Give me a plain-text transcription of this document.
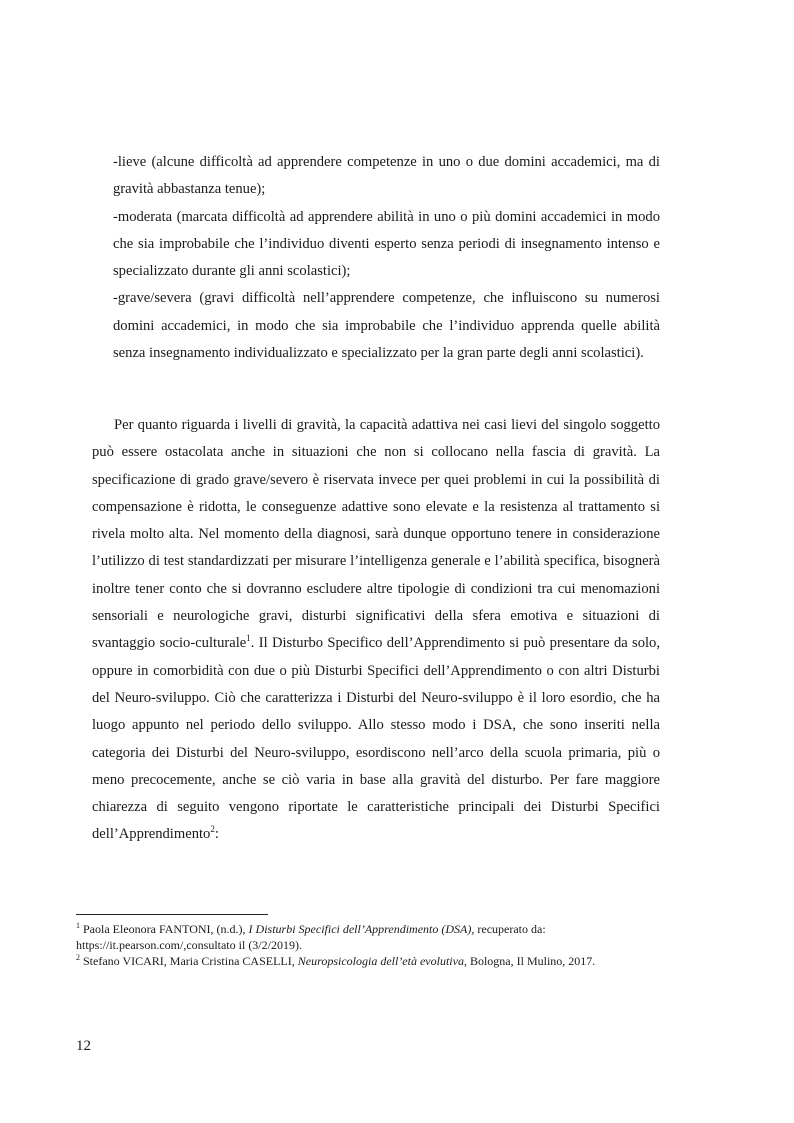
-lieve (alcune difficoltà ad apprendere competenze in uno o due domini accademici, ma di gravità abbastanza tenue);

-moderata (marcata difficoltà ad apprendere abilità in uno o più domini accademici in modo che sia improbabile che l’individuo diventi esperto senza periodi di insegnamento intenso e specializzato durante gli anni scolastici);

-grave/severa (gravi difficoltà nell’apprendere competenze, che influiscono su numerosi domini accademici, in modo che sia improbabile che l’individuo apprenda quelle abilità senza insegnamento individualizzato e specializzato per la gran parte degli anni scolastici).

Per quanto riguarda i livelli di gravità, la capacità adattiva nei casi lievi del singolo soggetto può essere ostacolata anche in situazioni che non si collocano nella fascia di gravità. La specificazione di grado grave/severo è riservata invece per quei problemi in cui la possibilità di compensazione è ridotta, le conseguenze adattive sono elevate e la resistenza al trattamento si rivela molto alta. Nel momento della diagnosi, sarà dunque opportuno tenere in considerazione l’utilizzo di test standardizzati per misurare l’intelligenza generale e l’abilità specifica, bisognerà inoltre tener conto che si dovranno escludere altre tipologie di condizioni tra cui menomazioni sensoriali e neurologiche gravi, disturbi significativi della sfera emotiva e situazioni di svantaggio socio-culturale$^1$. Il Disturbo Specifico dell’Apprendimento si può presentare da solo, oppure in comorbidità con due o più Disturbi Specifici dell’Apprendimento o con altri Disturbi del Neuro-sviluppo. Ciò che caratterizza i Disturbi del Neuro-sviluppo è il loro esordio, che ha luogo appunto nel periodo dello sviluppo. Allo stesso modo i DSA, che sono inseriti nella categoria dei Disturbi del Neuro-sviluppo, esordiscono nell’arco della scuola primaria, più o meno precocemente, anche se ciò varia in base alla gravità del disturbo. Per fare maggiore chiarezza di seguito vengono riportate le caratteristiche principali dei Disturbi Specifici dell’Apprendimento$^2$:

$^1$ Paola Eleonora FANTONI, (n.d.), I Disturbi Specifici dell’Apprendimento (DSA), recuperato da: https://it.pearson.com/,consultato il (3/2/2019).

$^2$ Stefano VICARI, Maria Cristina CASELLI, Neuropsicologia dell’età evolutiva, Bologna, Il Mulino, 2017.

12
